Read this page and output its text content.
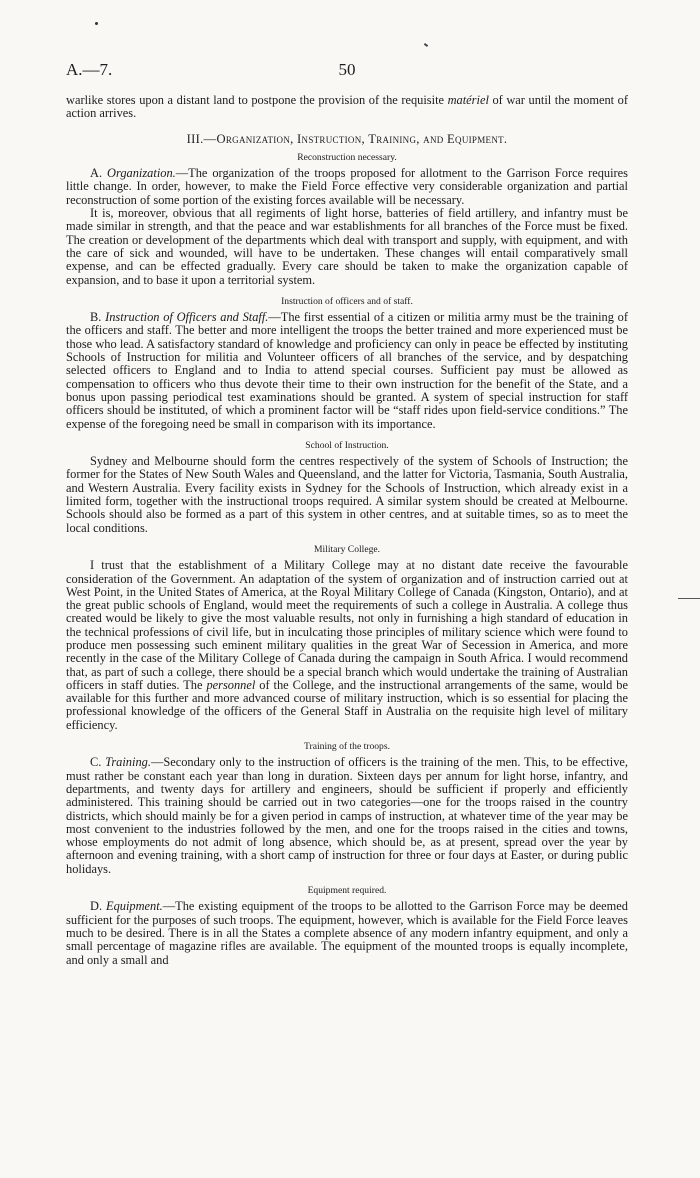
A.—7.	50

warlike stores upon a distant land to postpone the provision of the requisite matériel of war until the moment of action arrives.

III.—Organization, Instruction, Training, and Equipment.
Reconstruction necessary.

A. Organization.—The organization of the troops proposed for allotment to the Garrison Force requires little change. In order, however, to make the Field Force effective very considerable organization and partial reconstruction of some portion of the existing forces available will be necessary.

It is, moreover, obvious that all regiments of light horse, batteries of field artillery, and infantry must be made similar in strength, and that the peace and war establishments for all branches of the Force must be fixed. The creation or development of the departments which deal with transport and supply, with equipment, and with the care of sick and wounded, will have to be undertaken. These changes will entail comparatively small expense, and can be effected gradually. Every care should be taken to make the organization capable of expansion, and to base it upon a territorial system.

Instruction of officers and of staff.

B. Instruction of Officers and Staff.—The first essential of a citizen or militia army must be the training of the officers and staff. The better and more intelligent the troops the better trained and more experienced must be those who lead. A satisfactory standard of knowledge and proficiency can only in peace be effected by instituting Schools of Instruction for militia and Volunteer officers of all branches of the service, and by despatching selected officers to England and to India to attend special courses. Sufficient pay must be allowed as compensation to officers who thus devote their time to their own instruction for the benefit of the State, and a bonus upon passing periodical test examinations should be granted. A system of special instruction for staff officers should be instituted, of which a prominent factor will be “staff rides upon field-service conditions.” The expense of the foregoing need be small in comparison with its importance.

School of Instruction.

Sydney and Melbourne should form the centres respectively of the system of Schools of Instruction; the former for the States of New South Wales and Queensland, and the latter for Victoria, Tasmania, South Australia, and Western Australia. Every facility exists in Sydney for the Schools of Instruction, which already exist in a limited form, together with the instructional troops required. A similar system should be created at Melbourne. Schools should also be formed as a part of this system in other centres, and at suitable times, so as to meet the local conditions.

Military College.

I trust that the establishment of a Military College may at no distant date receive the favourable consideration of the Government. An adaptation of the system of organization and of instruction carried out at West Point, in the United States of America, at the Royal Military College of Canada (Kingston, Ontario), and at the great public schools of England, would meet the requirements of such a college in Australia. A college thus created would be likely to give the most valuable results, not only in furnishing a high standard of education in the technical professions of civil life, but in inculcating those principles of military science which were found to produce men possessing such eminent military qualities in the great War of Secession in America, and more recently in the case of the Military College of Canada during the campaign in South Africa. I would recommend that, as part of such a college, there should be a special branch which would undertake the training of Australian officers in staff duties. The personnel of the College, and the instructional arrangements of the same, would be available for this further and more advanced course of military instruction, which is so essential for placing the professional knowledge of the officers of the General Staff in Australia on the requisite high level of military efficiency.

Training of the troops.

C. Training.—Secondary only to the instruction of officers is the training of the men. This, to be effective, must rather be constant each year than long in duration. Sixteen days per annum for light horse, infantry, and departments, and twenty days for artillery and engineers, should be sufficient if properly and efficiently administered. This training should be carried out in two categories—one for the troops raised in the country districts, which should mainly be for a given period in camps of instruction, at whatever time of the year may be most convenient to the industries followed by the men, and one for the troops raised in the cities and towns, whose employments do not admit of long absence, which should be, as at present, spread over the year by afternoon and evening training, with a short camp of instruction for three or four days at Easter, or during public holidays.

Equipment required.

D. Equipment.—The existing equipment of the troops to be allotted to the Garrison Force may be deemed sufficient for the purposes of such troops. The equipment, however, which is available for the Field Force leaves much to be desired. There is in all the States a complete absence of any modern infantry equipment, and only a small percentage of magazine rifles are available. The equipment of the mounted troops is equally incomplete, and only a small and
